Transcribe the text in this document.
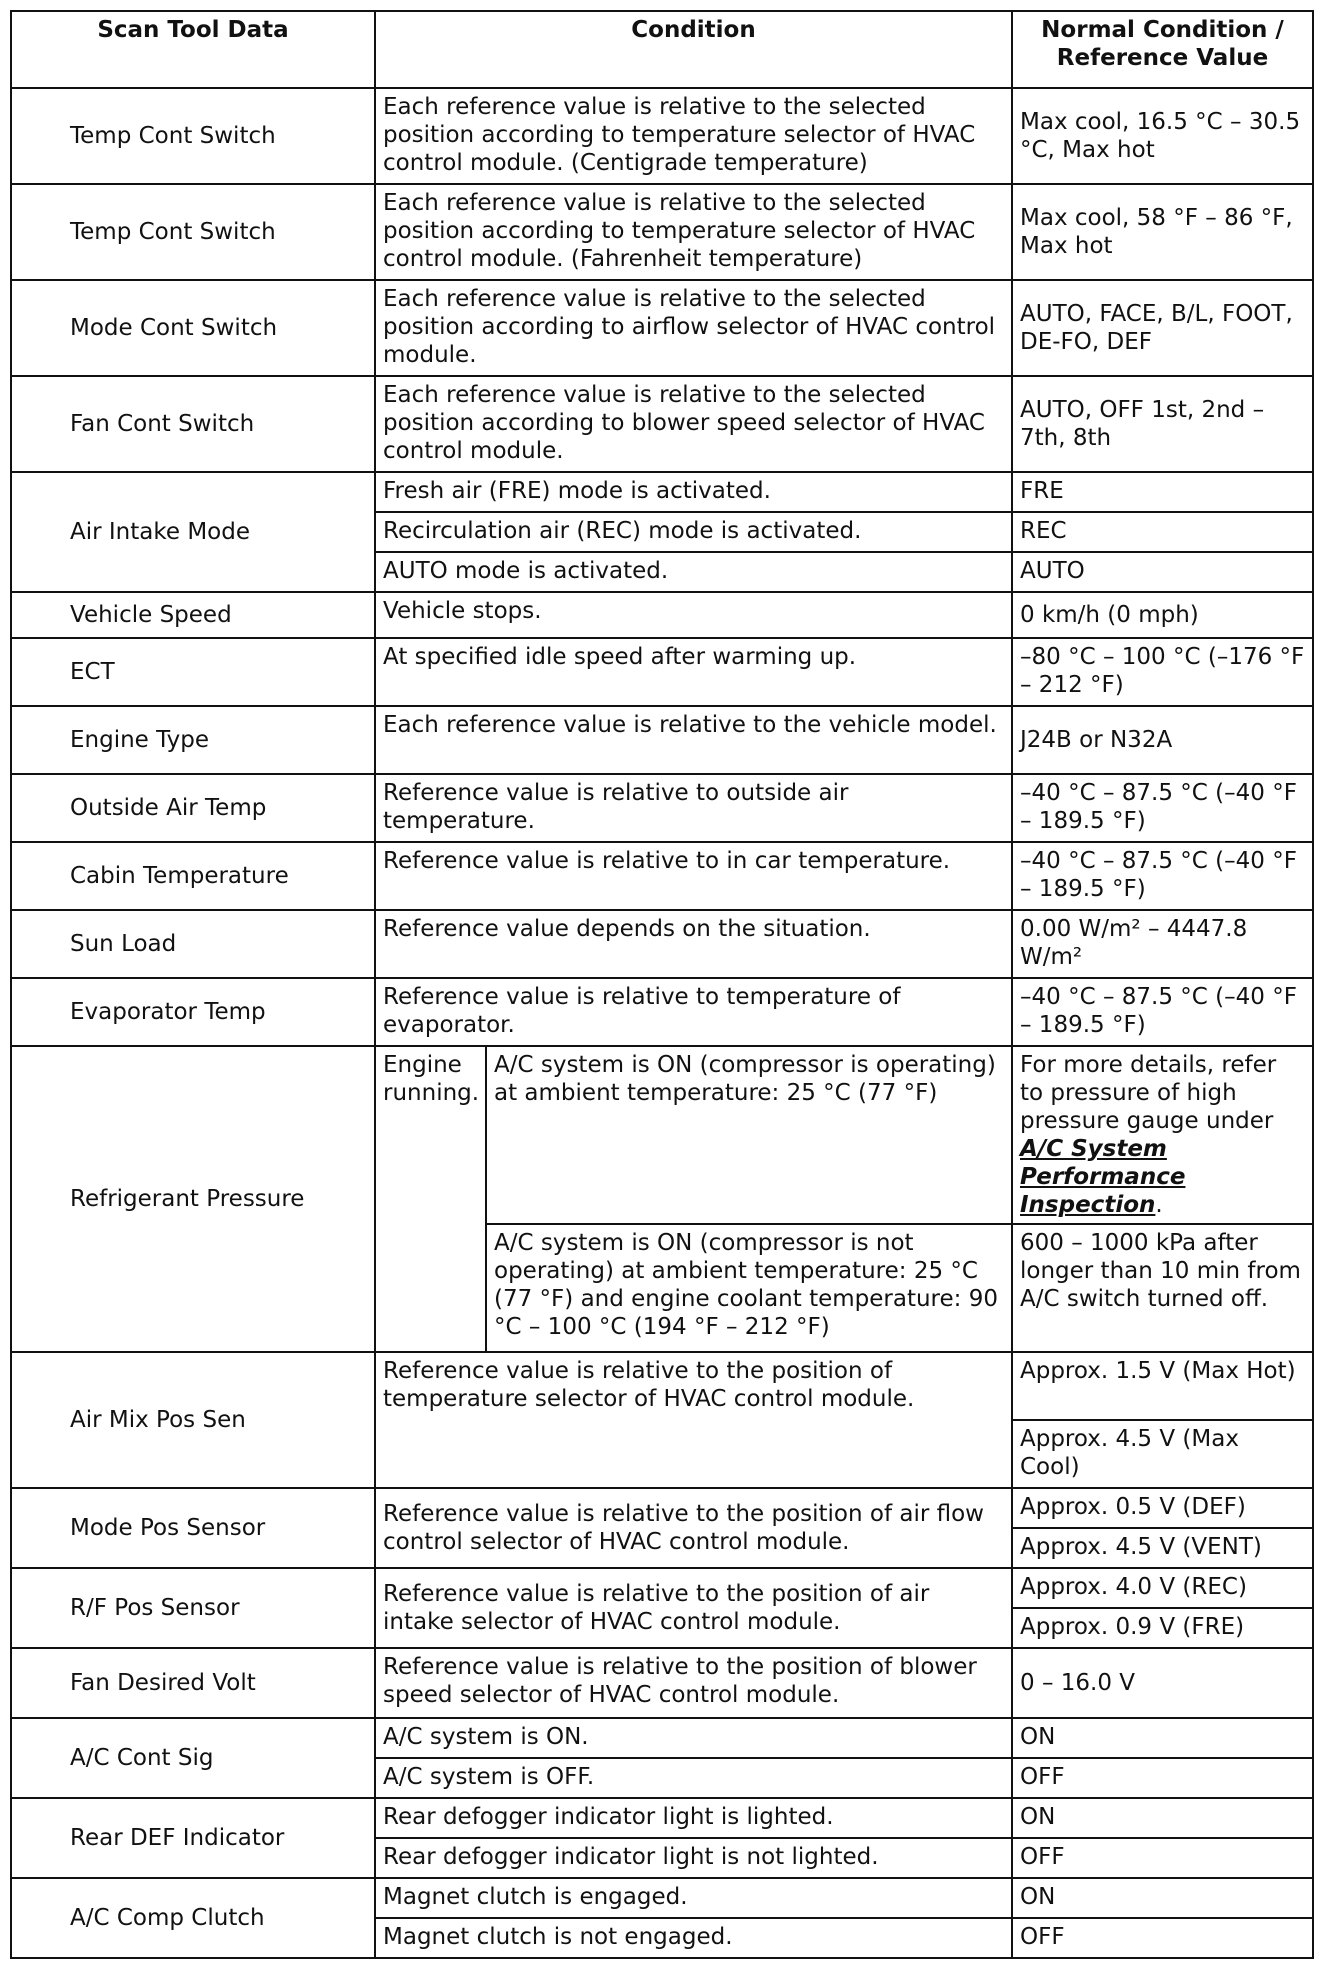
Scan Tool Data	Condition		Normal Condition /
Reference Value
Temp Cont Switch	Each reference value is relative to the selected position according to temperature selector of HVAC control module. (Centigrade temperature)		Max cool, 16.5 °C – 30.5 °C, Max hot
Temp Cont Switch	Each reference value is relative to the selected position according to temperature selector of HVAC control module. (Fahrenheit temperature)		Max cool, 58 °F – 86 °F, Max hot
Mode Cont Switch	Each reference value is relative to the selected position according to airflow selector of HVAC control module.		AUTO, FACE, B/L, FOOT, DE-FO, DEF
Fan Cont Switch	Each reference value is relative to the selected position according to blower speed selector of HVAC control module.		AUTO, OFF 1st, 2nd – 7th, 8th
Air Intake Mode	Fresh air (FRE) mode is activated.		FRE
	Recirculation air (REC) mode is activated.		REC
	AUTO mode is activated.		AUTO
Vehicle Speed	Vehicle stops.		0 km/h (0 mph)
ECT	At specified idle speed after warming up.		–80 °C – 100 °C (–176 °F – 212 °F)
Engine Type	Each reference value is relative to the vehicle model.		J24B or N32A
Outside Air Temp	Reference value is relative to outside air temperature.		–40 °C – 87.5 °C (–40 °F – 189.5 °F)
Cabin Temperature	Reference value is relative to in car temperature.		–40 °C – 87.5 °C (–40 °F – 189.5 °F)
Sun Load	Reference value depends on the situation.		0.00 W/m² – 4447.8 W/m²
Evaporator Temp	Reference value is relative to temperature of evaporator.		–40 °C – 87.5 °C (–40 °F – 189.5 °F)
Refrigerant Pressure	Engine running.	A/C system is ON (compressor is operating) at ambient temperature: 25 °C (77 °F)	For more details, refer to pressure of high pressure gauge under A/C System Performance Inspection.
		A/C system is ON (compressor is not operating) at ambient temperature: 25 °C (77 °F) and engine coolant temperature: 90 °C – 100 °C (194 °F – 212 °F)	600 – 1000 kPa after longer than 10 min from A/C switch turned off.
Air Mix Pos Sen	Reference value is relative to the position of temperature selector of HVAC control module.		Approx. 1.5 V (Max Hot)
			Approx. 4.5 V (Max Cool)
Mode Pos Sensor	Reference value is relative to the position of air flow control selector of HVAC control module.		Approx. 0.5 V (DEF)
			Approx. 4.5 V (VENT)
R/F Pos Sensor	Reference value is relative to the position of air intake selector of HVAC control module.		Approx. 4.0 V (REC)
			Approx. 0.9 V (FRE)
Fan Desired Volt	Reference value is relative to the position of blower speed selector of HVAC control module.		0 – 16.0 V
A/C Cont Sig	A/C system is ON.		ON
	A/C system is OFF.		OFF
Rear DEF Indicator	Rear defogger indicator light is lighted.		ON
	Rear defogger indicator light is not lighted.		OFF
A/C Comp Clutch	Magnet clutch is engaged.		ON
	Magnet clutch is not engaged.		OFF
